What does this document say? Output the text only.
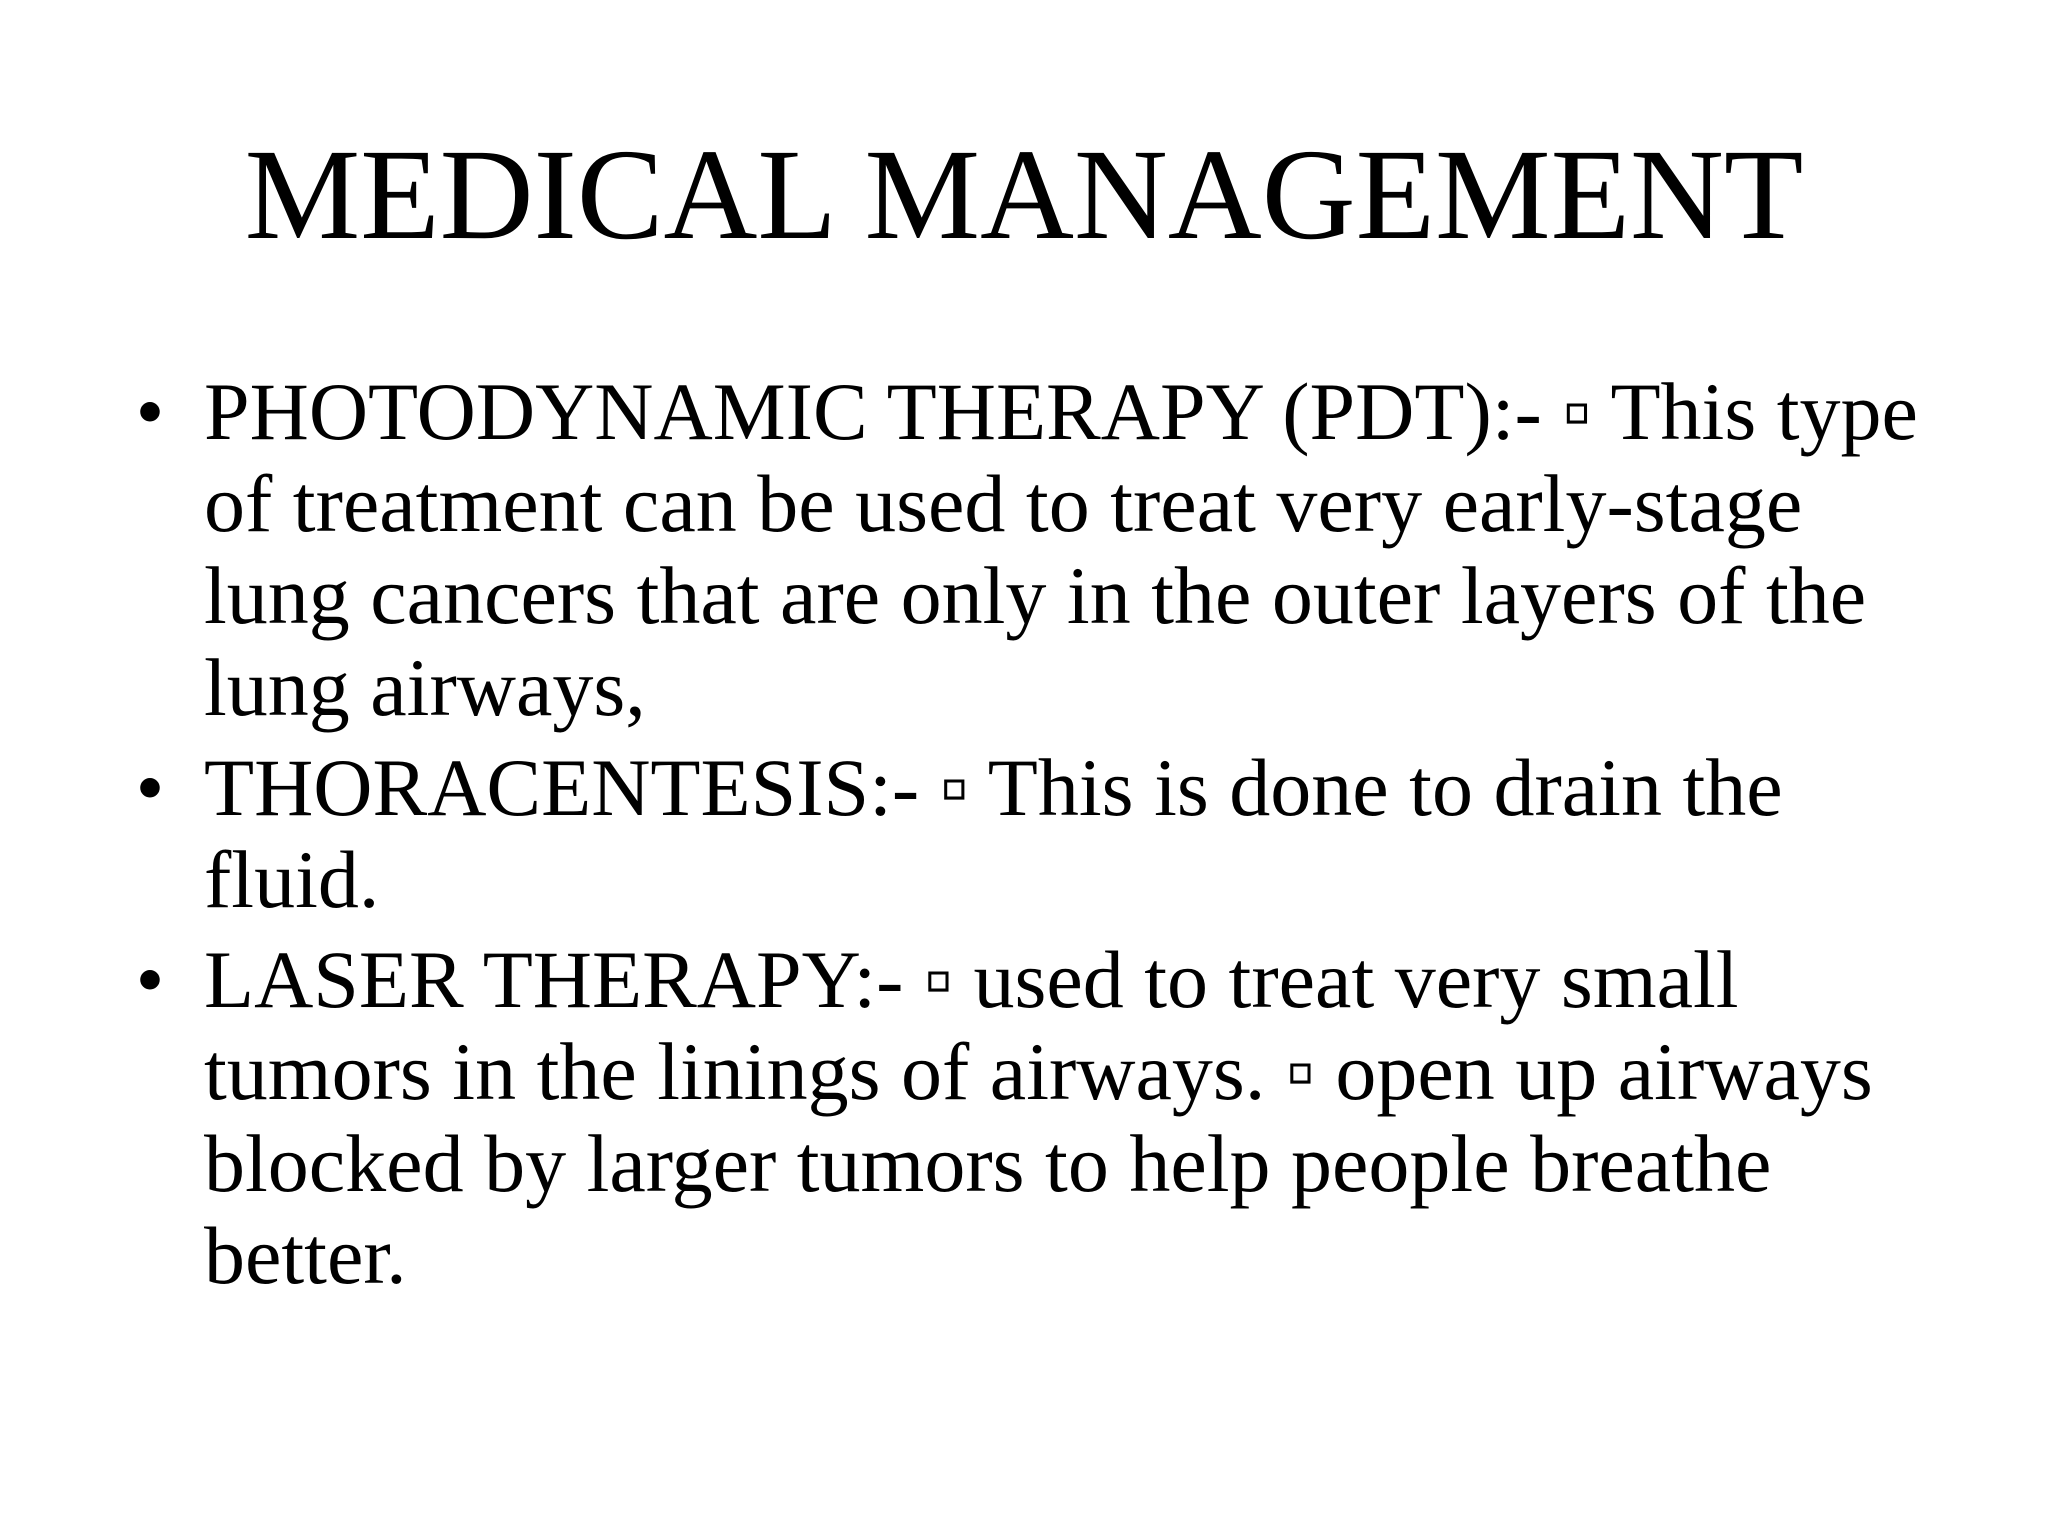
MEDICAL MANAGEMENT
• PHOTODYNAMIC THERAPY (PDT):- ▫ This type of treatment can be used to treat very early-stage lung cancers that are only in the outer layers of the lung airways,
• THORACENTESIS:- ▫ This is done to drain the fluid.
• LASER THERAPY:- ▫ used to treat very small tumors in the linings of airways. ▫ open up airways blocked by larger tumors to help people breathe better.
